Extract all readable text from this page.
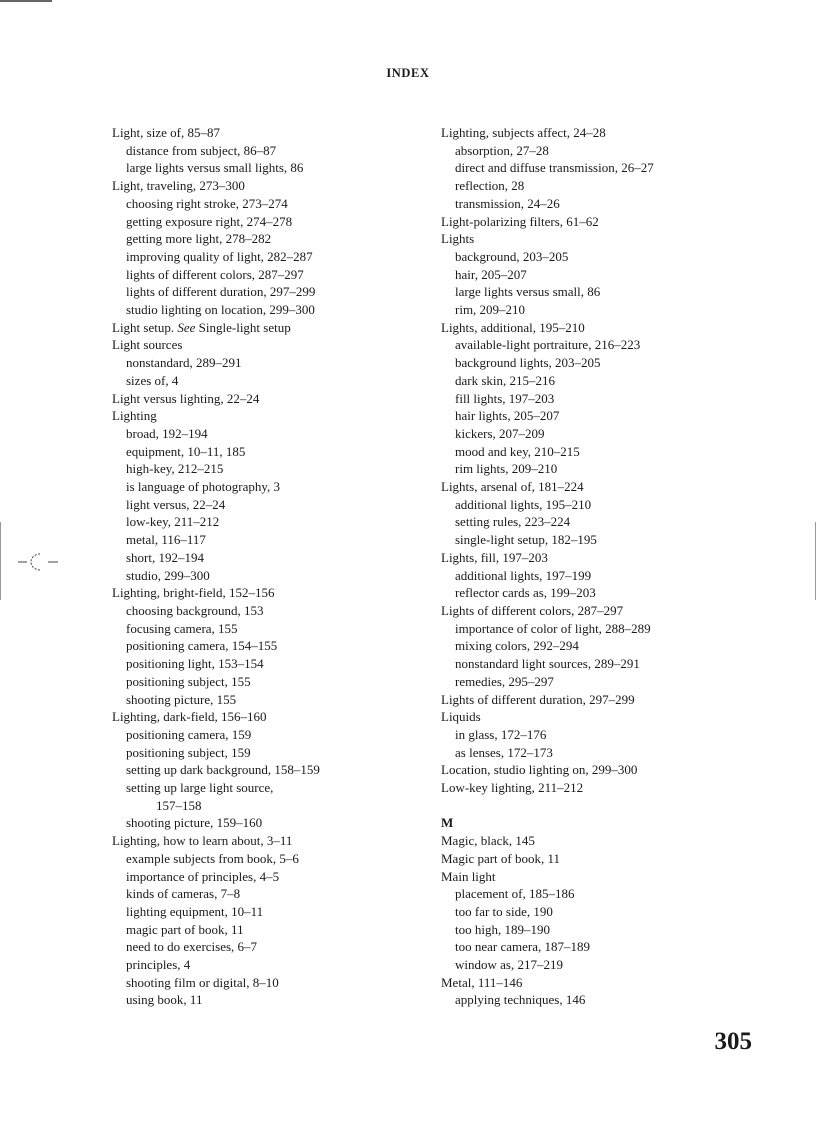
INDEX
Light, size of, 85–87
distance from subject, 86–87
large lights versus small lights, 86
Light, traveling, 273–300
choosing right stroke, 273–274
getting exposure right, 274–278
getting more light, 278–282
improving quality of light, 282–287
lights of different colors, 287–297
lights of different duration, 297–299
studio lighting on location, 299–300
Light setup. See Single-light setup
Light sources
nonstandard, 289–291
sizes of, 4
Light versus lighting, 22–24
Lighting
broad, 192–194
equipment, 10–11, 185
high-key, 212–215
is language of photography, 3
light versus, 22–24
low-key, 211–212
metal, 116–117
short, 192–194
studio, 299–300
Lighting, bright-field, 152–156
choosing background, 153
focusing camera, 155
positioning camera, 154–155
positioning light, 153–154
positioning subject, 155
shooting picture, 155
Lighting, dark-field, 156–160
positioning camera, 159
positioning subject, 159
setting up dark background, 158–159
setting up large light source,
157–158
shooting picture, 159–160
Lighting, how to learn about, 3–11
example subjects from book, 5–6
importance of principles, 4–5
kinds of cameras, 7–8
lighting equipment, 10–11
magic part of book, 11
need to do exercises, 6–7
principles, 4
shooting film or digital, 8–10
using book, 11
Lighting, subjects affect, 24–28
absorption, 27–28
direct and diffuse transmission, 26–27
reflection, 28
transmission, 24–26
Light-polarizing filters, 61–62
Lights
background, 203–205
hair, 205–207
large lights versus small, 86
rim, 209–210
Lights, additional, 195–210
available-light portraiture, 216–223
background lights, 203–205
dark skin, 215–216
fill lights, 197–203
hair lights, 205–207
kickers, 207–209
mood and key, 210–215
rim lights, 209–210
Lights, arsenal of, 181–224
additional lights, 195–210
setting rules, 223–224
single-light setup, 182–195
Lights, fill, 197–203
additional lights, 197–199
reflector cards as, 199–203
Lights of different colors, 287–297
importance of color of light, 288–289
mixing colors, 292–294
nonstandard light sources, 289–291
remedies, 295–297
Lights of different duration, 297–299
Liquids
in glass, 172–176
as lenses, 172–173
Location, studio lighting on, 299–300
Low-key lighting, 211–212
M
Magic, black, 145
Magic part of book, 11
Main light
placement of, 185–186
too far to side, 190
too high, 189–190
too near camera, 187–189
window as, 217–219
Metal, 111–146
applying techniques, 146
305
